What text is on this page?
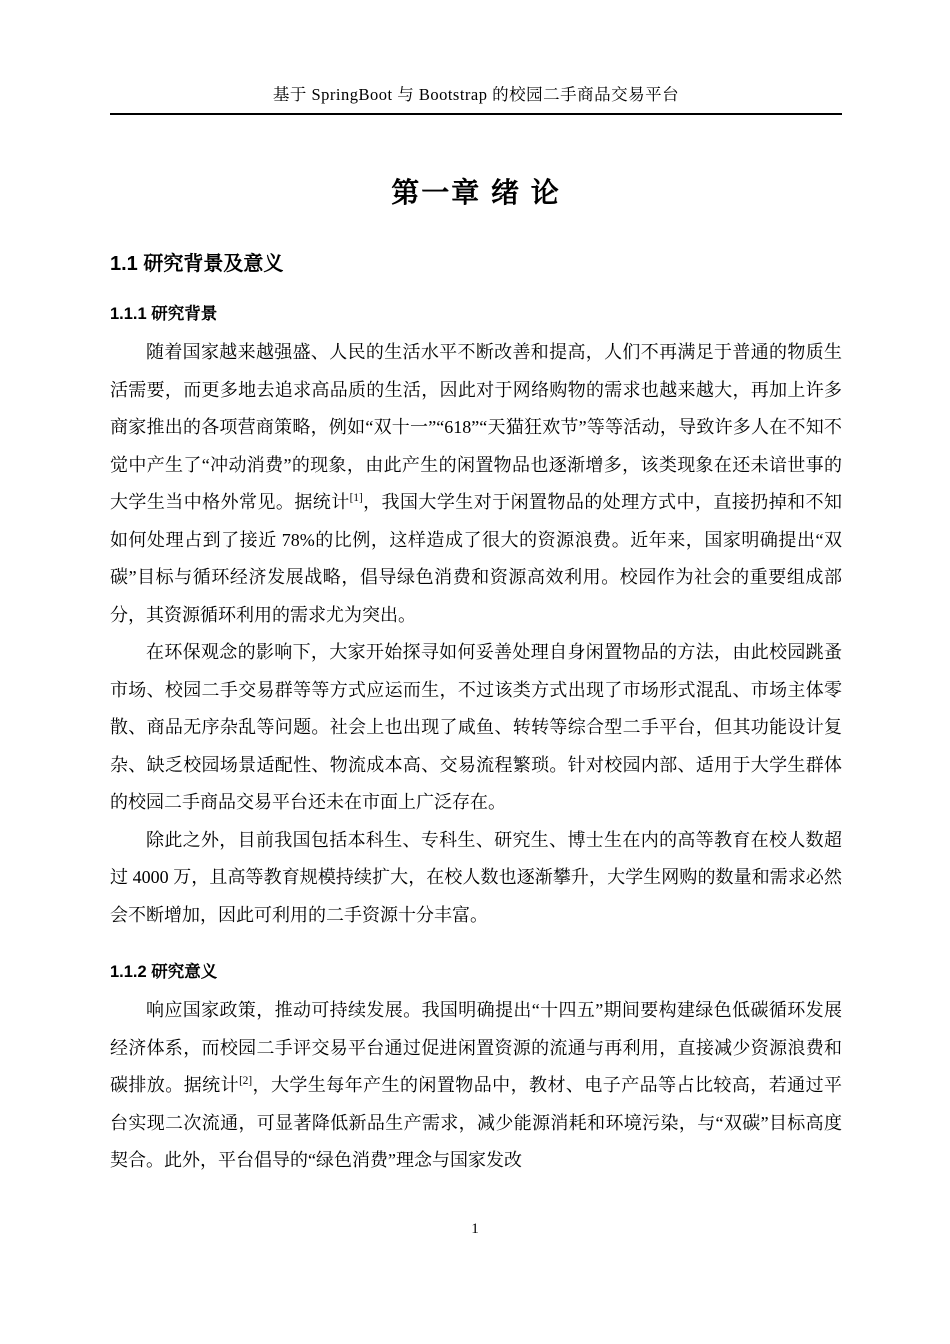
基于 SpringBoot 与 Bootstrap 的校园二手商品交易平台
第一章 绪 论
1.1 研究背景及意义
1.1.1 研究背景

随着国家越来越强盛、人民的生活水平不断改善和提高，人们不再满足于普通的物质生活需要，而更多地去追求高品质的生活，因此对于网络购物的需求也越来越大，再加上许多商家推出的各项营商策略，例如“双十一”“618”“天猫狂欢节”等等活动，导致许多人在不知不觉中产生了“冲动消费”的现象，由此产生的闲置物品也逐渐增多，该类现象在还未谙世事的大学生当中格外常见。据统计[1]，我国大学生对于闲置物品的处理方式中，直接扔掉和不知如何处理占到了接近 78%的比例，这样造成了很大的资源浪费。近年来，国家明确提出“双碳”目标与循环经济发展战略，倡导绿色消费和资源高效利用。校园作为社会的重要组成部分，其资源循环利用的需求尤为突出。

在环保观念的影响下，大家开始探寻如何妥善处理自身闲置物品的方法，由此校园跳蚤市场、校园二手交易群等等方式应运而生，不过该类方式出现了市场形式混乱、市场主体零散、商品无序杂乱等问题。社会上也出现了咸鱼、转转等综合型二手平台，但其功能设计复杂、缺乏校园场景适配性、物流成本高、交易流程繁琐。针对校园内部、适用于大学生群体的校园二手商品交易平台还未在市面上广泛存在。

除此之外，目前我国包括本科生、专科生、研究生、博士生在内的高等教育在校人数超过 4000 万，且高等教育规模持续扩大，在校人数也逐渐攀升，大学生网购的数量和需求必然会不断增加，因此可利用的二手资源十分丰富。

1.1.2 研究意义

响应国家政策，推动可持续发展。我国明确提出“十四五”期间要构建绿色低碳循环发展经济体系，而校园二手评交易平台通过促进闲置资源的流通与再利用，直接减少资源浪费和碳排放。据统计[2]，大学生每年产生的闲置物品中，教材、电子产品等占比较高，若通过平台实现二次流通，可显著降低新品生产需求，减少能源消耗和环境污染，与“双碳”目标高度契合。此外，平台倡导的“绿色消费”理念与国家发改

1
